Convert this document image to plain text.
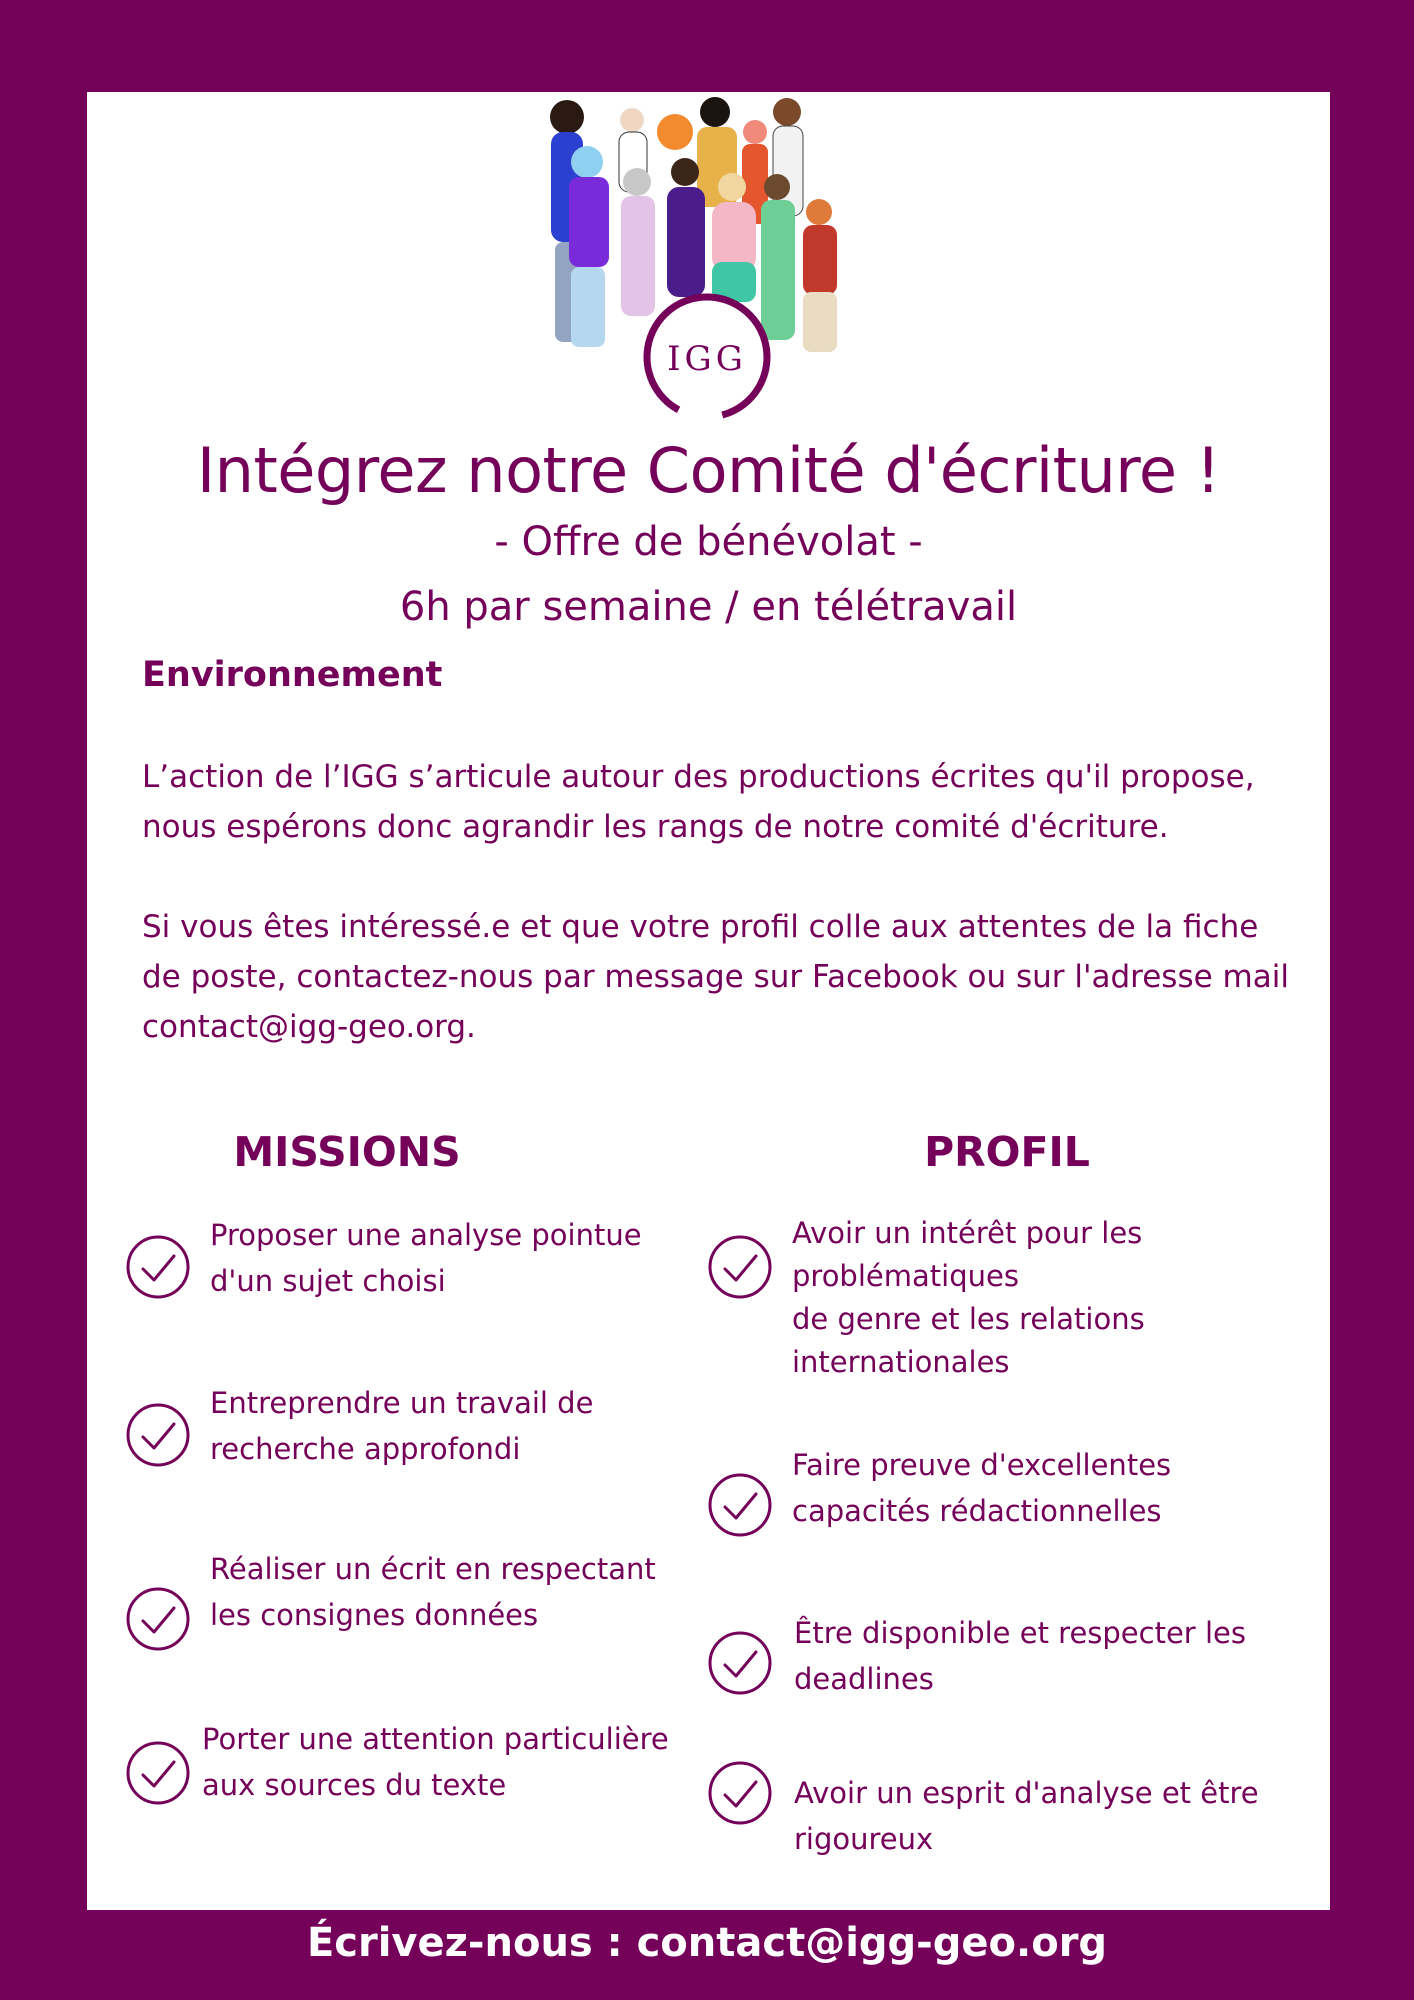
IGG
Intégrez notre Comité d'écriture !

- Offre de bénévolat -

6h par semaine / en télétravail

Environnement

L’action de l’IGG s’articule autour des productions écrites qu'il propose, nous espérons donc agrandir les rangs de notre comité d'écriture.

Si vous êtes intéressé.e et que votre profil colle aux attentes de la fiche de poste, contactez-nous par message sur Facebook ou sur l'adresse mail contact@igg-geo.org.

MISSIONS	PROFIL

Proposer une analyse pointue
d'un sujet choisi

Entreprendre un travail de
recherche approfondi

Réaliser un écrit en respectant
les consignes données

Porter une attention particulière
aux sources du texte

Avoir un intérêt pour les
problématiques
de genre et les relations
internationales

Faire preuve d'excellentes
capacités rédactionnelles

Être disponible et respecter les
deadlines

Avoir un esprit d'analyse et être
rigoureux

Écrivez-nous : contact@igg-geo.org
